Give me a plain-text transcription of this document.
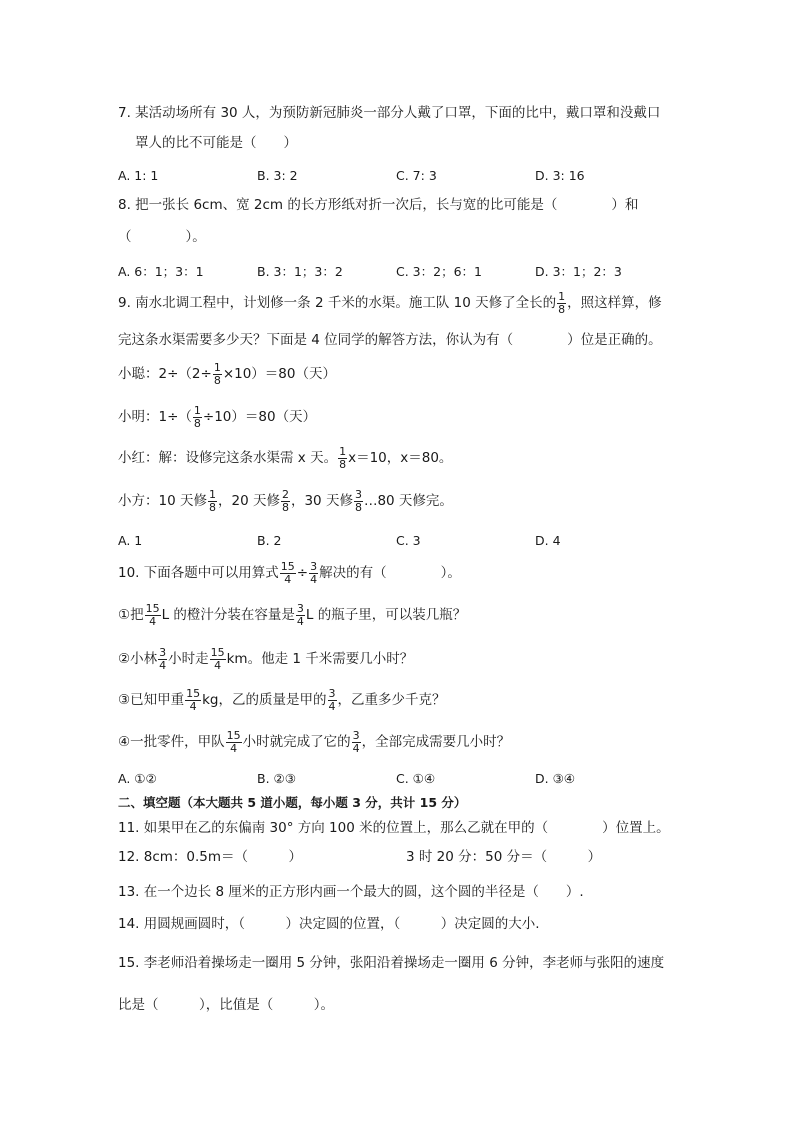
7. 某活动场所有 30 人，为预防新冠肺炎一部分人戴了口罩，下面的比中，戴口罩和没戴口
罩人的比不可能是（　　）
A. 1: 1	B. 3: 2	C. 7: 3	D. 3: 16
8. 把一张长 6cm、宽 2cm 的长方形纸对折一次后，长与宽的比可能是（　　　　）和
（　　　　）。
A. 6：1；3：1	B. 3：1；3：2	C. 3：2；6：1	D. 3：1；2：3
9. 南水北调工程中，计划修一条 2 千米的水渠。施工队 10 天修了全长的 $\frac{1}{8}$ ，照这样算，修
完这条水渠需要多少天？下面是 4 位同学的解答方法，你认为有（　　　　）位是正确的。
小聪：$2\div(2\div \frac{1}{8} \times 10)=80$（天）
小明：$1\div( \frac{1}{8} \div 10)=80$（天）
小红：解：设修完这条水渠需 x 天。 $\frac{1}{8} x=10$，x＝80。
小方：10 天修 $\frac{1}{8}$ ，20 天修 $\frac{2}{8}$ ，30 天修 $\frac{3}{8}$ …80 天修完。
A. 1	B. 2	C. 3	D. 4
10. 下面各题中可以用算式 $\frac{15}{4} \div \frac{3}{4}$ 解决的有（　　　　）。
①把 $\frac{15}{4}$ L 的橙汁分装在容量是 $\frac{3}{4}$ L 的瓶子里，可以装几瓶？
②小林 $\frac{3}{4}$ 小时走 $\frac{15}{4}$ km。他走 1 千米需要几小时？
③已知甲重 $\frac{15}{4}$ kg，乙的质量是甲的 $\frac{3}{4}$ ，乙重多少千克？
④一批零件，甲队 $\frac{15}{4}$ 小时就完成了它的 $\frac{3}{4}$ ，全部完成需要几小时？
A. ①②	B. ②③	C. ①④	D. ③④
二、填空题（本大题共 5 道小题，每小题 3 分，共计 15 分）
11. 如果甲在乙的东偏南 30° 方向 100 米的位置上，那么乙就在甲的（　　　　）位置上。
12. 8cm：0.5m＝（　　　）	3 时 20 分：50 分＝（　　　）
13. 在一个边长 8 厘米的正方形内画一个最大的圆，这个圆的半径是（　　）.
14. 用圆规画圆时，（　　　）决定圆的位置，（　　　）决定圆的大小.
15. 李老师沿着操场走一圈用 5 分钟，张阳沿着操场走一圈用 6 分钟，李老师与张阳的速度
比是（　　　），比值是（　　　）。
